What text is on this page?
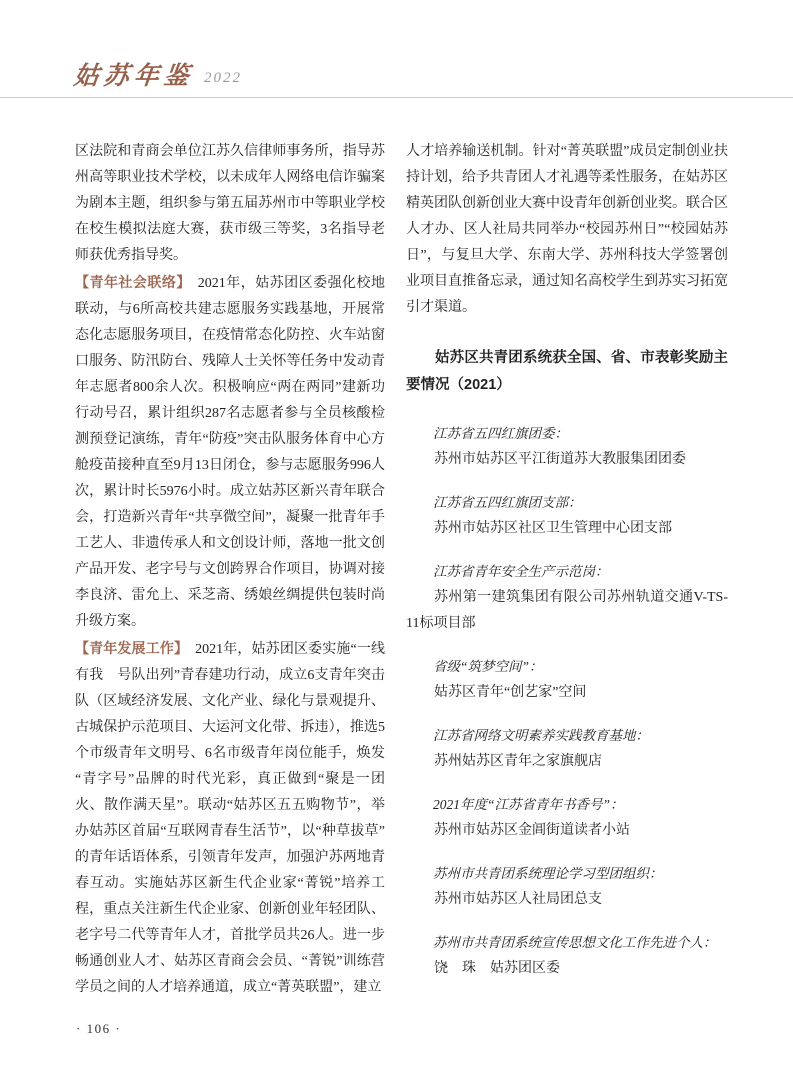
姑苏年鉴 2022

区法院和青商会单位江苏久信律师事务所，指导苏州高等职业技术学校，以未成年人网络电信诈骗案为剧本主题，组织参与第五届苏州市中等职业学校在校生模拟法庭大赛，获市级三等奖，3名指导老师获优秀指导奖。

【青年社会联络】 2021年，姑苏团区委强化校地联动，与6所高校共建志愿服务实践基地，开展常态化志愿服务项目，在疫情常态化防控、火车站窗口服务、防汛防台、残障人士关怀等任务中发动青年志愿者800余人次。积极响应“两在两同”建新功行动号召，累计组织287名志愿者参与全员核酸检测预登记演练，青年“防疫”突击队服务体育中心方舱疫苗接种直至9月13日闭仓，参与志愿服务996人次，累计时长5976小时。成立姑苏区新兴青年联合会，打造新兴青年“共享微空间”，凝聚一批青年手工艺人、非遗传承人和文创设计师，落地一批文创产品开发、老字号与文创跨界合作项目，协调对接李良济、雷允上、采芝斋、绣娘丝绸提供包装时尚升级方案。

【青年发展工作】 2021年，姑苏团区委实施“一线有我　号队出列”青春建功行动，成立6支青年突击队（区域经济发展、文化产业、绿化与景观提升、古城保护示范项目、大运河文化带、拆违），推选5个市级青年文明号、6名市级青年岗位能手，焕发“青字号”品牌的时代光彩，真正做到“聚是一团火、散作满天星”。联动“姑苏区五五购物节”，举办姑苏区首届“互联网青春生活节”，以“种草拔草”的青年话语体系，引领青年发声，加强沪苏两地青春互动。实施姑苏区新生代企业家“菁锐”培养工程，重点关注新生代企业家、创新创业年轻团队、老字号二代等青年人才，首批学员共26人。进一步畅通创业人才、姑苏区青商会会员、“菁锐”训练营学员之间的人才培养通道，成立“菁英联盟”，建立

人才培养输送机制。针对“菁英联盟”成员定制创业扶持计划，给予共青团人才礼遇等柔性服务，在姑苏区精英团队创新创业大赛中设青年创新创业奖。联合区人才办、区人社局共同举办“校园苏州日”“校园姑苏日”，与复旦大学、东南大学、苏州科技大学签署创业项目直推备忘录，通过知名高校学生到苏实习拓宽引才渠道。

姑苏区共青团系统获全国、省、市表彰奖励主要情况（2021）

江苏省五四红旗团委：

苏州市姑苏区平江街道苏大教服集团团委

江苏省五四红旗团支部：

苏州市姑苏区社区卫生管理中心团支部

江苏省青年安全生产示范岗：

苏州第一建筑集团有限公司苏州轨道交通V-TS-11标项目部

省级“筑梦空间”：

姑苏区青年“创艺家”空间

江苏省网络文明素养实践教育基地：

苏州姑苏区青年之家旗舰店

2021年度“江苏省青年书香号”：

苏州市姑苏区金阊街道读者小站

苏州市共青团系统理论学习型团组织：

苏州市姑苏区人社局团总支

苏州市共青团系统宣传思想文化工作先进个人：

饶　珠　姑苏团区委

· 106 ·
